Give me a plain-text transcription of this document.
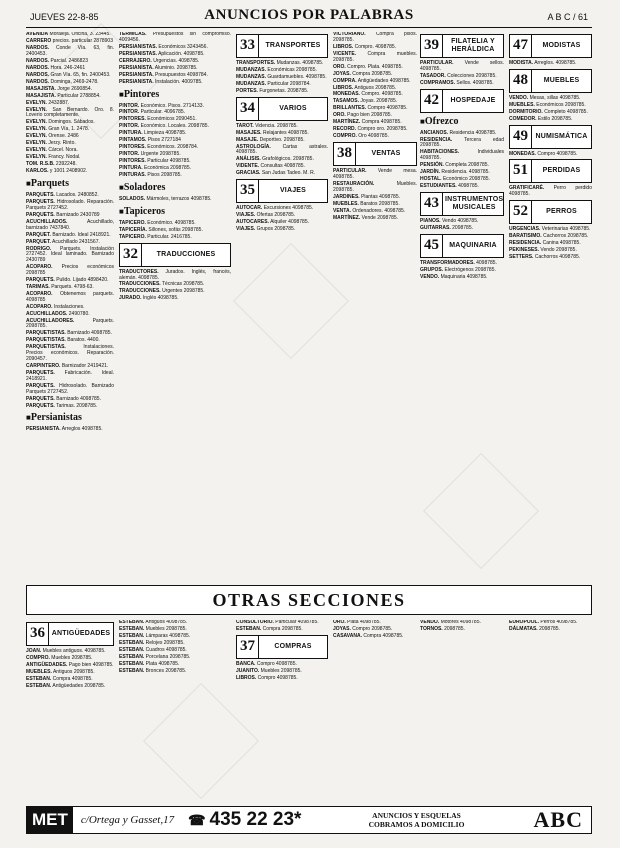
JUEVES 22-8-85	ANUNCIOS POR PALABRAS	A B C / 61
AVENIDA Moraleja. Oficina, 3. 23445.
CARRERO precios. particular 2878903
NARDOS. Conde Vía. 63, fin. 2400453.
NARDOS. Parcial. 2486823
NARDOS. Hora. 246-2461
NARDOS. Gran Vía. 65, fin. 2400453.
NARDOS. Dominga, 2469-2478.
MASAJISTA. Jorge 2690854.
MASAJISTA. Particular 2788854.
EVELYN. 2432887.
EVELYN. San Bernardo. Oro. 8. Loverio completamente.
EVELYN. Domingos. Sábados.
EVELYN. Gran Vía, 1. 2478.
EVELYN. Orense. 2486
EVELYN. Jerzy. Rinto.
EVELYN. Cárcel. Nora.
EVELYN. Francy. Nodal.
TOM. R.S.B. 2392248.
KARLOS. y 1001 2408902.
■ Parquets
PARQUETS. Lacados. 2480852.
PARQUETS. Hidrosolado. Reparación. Parquets 2727452.
PARQUETS. Barnizado 2430789
ACUCHILLADOS.	Acuchillado, barnizado 7437840.
PARQUET. Barnizado. Ideal 2418921.
PARQUET. Acuchillado 2431567.
RODRIGO. Parquets. Instalación 2727452. Ideal laminado. Barnizado 2430789
ACOPARO. Precios económicos 2098785
PARQUETS. Pulido. Lijado 4898420.
TARIMAS. Parquets. 4798-63.
ACOPARO. Obtenemos parquets. 4098785
ACOPARO. Instalaciones.
ACUCHILLADOS. 2490780.
ACUCHILLADORES.	Parquets. 2098785.
PARQUETISTAS. Barnizado 4098785.
PARQUETISTAS. Baratos. 4400.
PARQUETISTAS.	Instalaciones. Precios económicos. Reparación. 2090457.
CARPINTERO. Barnizador 2419421.
PARQUETS. Fabricación. Ideal. 2418921.
PARQUETS. Hidrosolado. Barnizado Parquets 2727452.
PARQUETS. Barnizado 4098785.
PARQUETS. Tarimas. 2098785.
■ Persianistas
PERSIANISTA. Arreglos 4098785.
TÉRMICAS. Presupuestos sin compromiso. 4009456.
PERSIANISTAS. Económicos 3243456.
PERSIANISTAS. Aplicación. 4098785.
CERRAJERO. Urgencias. 4098785.
PERSIANISTA. Aluminio. 2098785.
PERSIANISTA. Presupuestos 4098784.
PERSIANISTA. Instalación. 4009785.
■ Pintores
PINTOR. Económico. Pisos. 2714133.
PINTOR. Particular. 4096785.
PINTORES. Económicos 2090451.
PINTOR. Económico. Locales. 2098785.
PINTURA. Limpieza 4098785.
PINTAMOS. Pisos 2727184
PINTORES. Económicos. 2098784.
PINTOR. Urgente 2098785.
PINTORES. Particular 4098785.
PINTURA. Económica 2098785.
PINTURAS. Pisos 2098785.
■ Soladores
SOLADOS. Mármoles, terrazos 4098785.
■ Tapiceros
TAPICERO. Económico. 4098785.
TAPICERÍA. Sillones, sofás 2098785.
TAPICERO. Particular. 2416785.
32	TRADUCCIONES
TRADUCTORES. Jurados. Inglés, francés, alemán. 4098785.
TRADUCCIONES. Técnicas 2098785.
TRADUCCIONES. Urgentes 2098785.
JURADO. Inglés 4098785.
33	TRANSPORTES
TRANSPORTES. Mudanzas. 4098785.
MUDANZAS. Económicas 2098785.
MUDANZAS. Guardamuebles. 4098785.
MUDANZAS. Particular 2098784.
PORTES. Furgonetas. 2098785.
34	VARIOS
TAROT. Videncia. 2098785.
MASAJES. Relajantes 4098785.
MASAJE. Deportivo. 2098785.
ASTROLOGÍA. Cartas astrales. 4098785.
ANÁLISIS. Grafológicos. 2098785.
VIDENTE. Consultas 4098785.
GRACIAS. San Judas Tadeo. M. R.
35	VIAJES
AUTOCAR. Excursiones 4098785.
VIAJES. Ofertas 2098785.
AUTOCARES. Alquiler 4098785.
VIAJES. Grupos 2098785.
VICTORIANO. Compra pisos. 2098785.
LIBROS. Compro. 4098785.
VICENTE. Compra muebles. 2098785.
ORO. Compro. Plata. 4098785.
JOYAS. Compra 2098785.
COMPRA. Antigüedades 4098785.
LIBROS. Antiguos 2098785.
MONEDAS. Compro. 4098785.
TASAMOS. Joyas. 2098785.
BRILLANTES. Compro 4098785.
ORO. Pago bien 2098785.
MARTÍNEZ. Compra 4098785.
RECORD. Compro oro. 2098785.
COMPRO. Oro 4098785.
38	VENTAS
PARTICULAR. Vende mesa. 4098785.
RESTAURACIÓN.	Muebles. 2098785.
JARDINES. Plantas 4098785.
MUEBLES. Baratos 2098785.
VENTA. Ordenadores. 4098785.
MARTÍNEZ. Vende 2098785.
39	FILATELIA Y HERÁLDICA
PARTICULAR. Vende sellos. 4098785.
TASADOR. Colecciones 2098785.
COMPRAMOS. Sellos. 4098785.
42	HOSPEDAJE
■ Ofrezco
ANCIANOS. Residencia 4098785.
RESIDENCIA. Tercera edad 2098785.
HABITACIONES.	Individuales 4098785.
PENSIÓN. Completa 2098785.
JARDÍN. Residencia. 4098785.
HOSTAL. Económico 2098785.
ESTUDIANTES. 4098785.
43 INSTRUMENTOS MUSICALES
PIANOS. Vendo 4098785.
GUITARRAS. 2098785.
45	MAQUINARIA
TRANSFORMADORES. 4098785.
GRUPOS. Electrógenos 2098785.
VENDO. Maquinaria 4098785.
47	MODISTAS
MODISTA. Arreglos. 4098785.
48	MUEBLES
VENDO. Mesas, sillas 4098785.
MUEBLES. Económicos 2098785.
DORMITORIO. Completo 4098785.
COMEDOR. Estilo 2098785.
49	NUMISMÁTICA
MONEDAS. Compro 4098785.
51	PERDIDAS
GRATIFICARÉ. Perro perdido 4098785.
52	PERROS
URGENCIAS. Veterinarias 4098785.
BARATISIMO. Cachorros 2098785.
RESIDENCIA. Canina 4098785.
PEKINESES. Vendo 2098785.
SETTERS. Cachorros 4098785.
OTRAS SECCIONES
36 ANTIGÜEDADES
JOAN. Muebles antiguos. 4098785.
COMPRO. Muebles 2098785.
ANTIGÜEDADES. Pago bien 4098785.
MUEBLES. Antiguos 2098785.
ESTEBAN. Compra 4098785.
ESTEBAN. Antigüedades 2098785.
ESTEBAN. Antiguos 4098785.
ESTEBAN. Muebles 2098785.
ESTEBAN. Lámparas 4098785.
ESTEBAN. Relojes 2098785.
ESTEBAN. Cuadros 4098785.
ESTEBAN. Porcelana 2098785.
ESTEBAN. Plata 4098785.
ESTEBAN. Bronces 2098785.
CONSULTORIO. Particular 4098785.
ESTEBAN. Compra 2098785.
37	COMPRAS
BANCA. Compro 4098785.
JUANITO. Muebles 2098785.
LIBROS. Compro 4098785.
ORO. Plata 4098785.
JOYAS. Compro 2098785.
CASAVANA. Compra 4098785.
VENDO. Motores 4098785.
TORNOS. 2098785.
EUROPOOL. Perros 4098785.
DÁLMATAS. 2098785.
MET	c/Ortega y Gasset,17	☎ 435 22 23*	ANUNCIOS Y ESQUELAS
COBRAMOS A DOMICILIO	ABC
